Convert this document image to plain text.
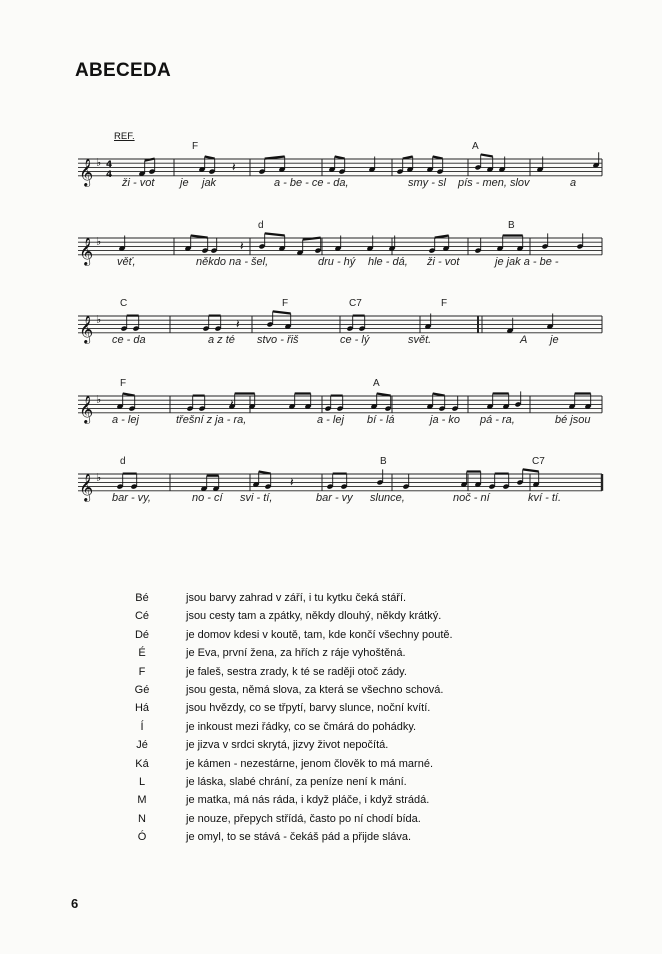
ABECEDA
𝄞 ♭ 4
4
𝄽
F	A
ži - vot je jak	a - be - ce - da,	smy - sl pís - men, slov	a
𝄞 ♭	𝄽
d	B
věť,	někdo na - šel,	dru - hý hle - dá, ži - vot	je jak a - be -
𝄞 ♭	𝄽
C	F	C7	F
ce - da	a z té stvo - řiš	ce - lý	svět.	A je
𝄞 ♭	𝄽
F	A
a - lej	třešní z ja - ra,	a - lej bí - lá	ja - ko pá - ra,	bé jsou
𝄞 ♭	𝄽
d	B	C7
bar - vy,	no - cí svi - tí,	bar - vy slunce,	noč - ní	kví - tí.
REF.
Bé	jsou barvy zahrad v září, i tu kytku čeká stáří.
Cé	jsou cesty tam a zpátky, někdy dlouhý, někdy krátký.
Dé	je domov kdesi v koutě, tam, kde končí všechny poutě.
É	je Eva, první žena, za hřích z ráje vyhoštěná.
F	je faleš, sestra zrady, k té se raději otoč zády.
Gé	jsou gesta, němá slova, za která se všechno schová.
Há	jsou hvězdy, co se třpytí, barvy slunce, noční kvítí.
Í	je inkoust mezi řádky, co se čmárá do pohádky.
Jé	je jizva v srdci skrytá, jizvy život nepočítá.
Ká	je kámen - nezestárne, jenom člověk to má marné.
L	je láska, slabé chrání, za peníze není k mání.
M	je matka, má nás ráda, i když pláče, i když strádá.
N	je nouze, přepych střídá, často po ní chodí bída.
Ó	je omyl, to se stává - čekáš pád a přijde sláva.
6
